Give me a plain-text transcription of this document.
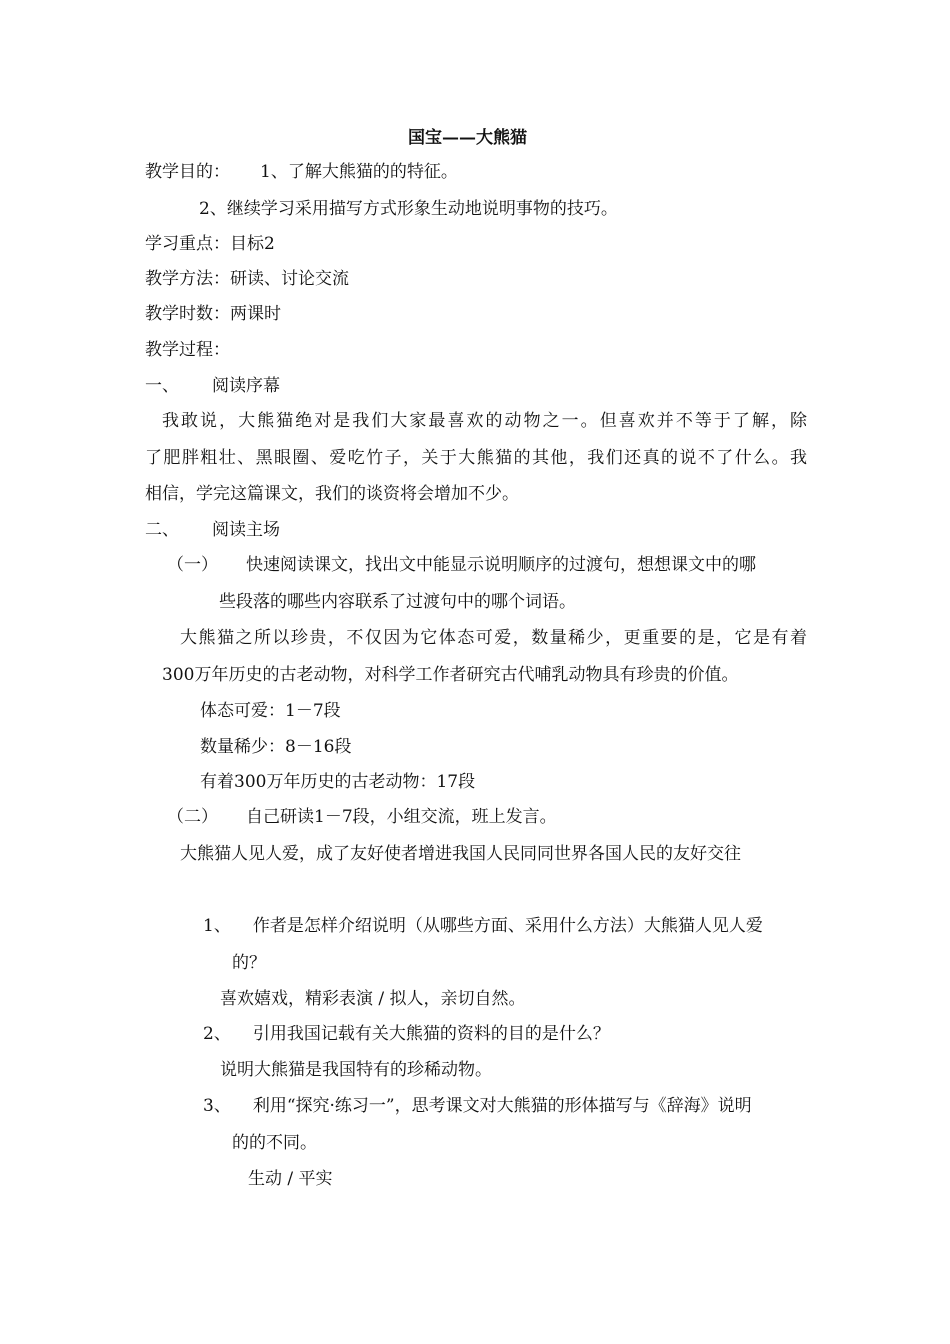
国宝——大熊猫
教学目的： 1、了解大熊猫的的特征。
2、继续学习采用描写方式形象生动地说明事物的技巧。
学习重点：目标2
教学方法：研读、讨论交流
教学时数：两课时
教学过程：
一、 阅读序幕
我敢说，大熊猫绝对是我们大家最喜欢的动物之一。但喜欢并不等于了解，除
了肥胖粗壮、黑眼圈、爱吃竹子，关于大熊猫的其他，我们还真的说不了什么。我
相信，学完这篇课文，我们的谈资将会增加不少。
二、 阅读主场
（一） 快速阅读课文，找出文中能显示说明顺序的过渡句，想想课文中的哪
些段落的哪些内容联系了过渡句中的哪个词语。
大熊猫之所以珍贵，不仅因为它体态可爱，数量稀少，更重要的是，它是有着
300万年历史的古老动物，对科学工作者研究古代哺乳动物具有珍贵的价值。
体态可爱：1－7段
数量稀少：8－16段
有着300万年历史的古老动物：17段
（二） 自己研读1－7段，小组交流，班上发言。
大熊猫人见人爱，成了友好使者增进我国人民同同世界各国人民的友好交往
1、 作者是怎样介绍说明（从哪些方面、采用什么方法）大熊猫人见人爱
的？
喜欢嬉戏，精彩表演 / 拟人，亲切自然。
2、 引用我国记载有关大熊猫的资料的目的是什么？
说明大熊猫是我国特有的珍稀动物。
3、 利用“探究·练习一”，思考课文对大熊猫的形体描写与《辞海》说明
的的不同。
生动 / 平实
